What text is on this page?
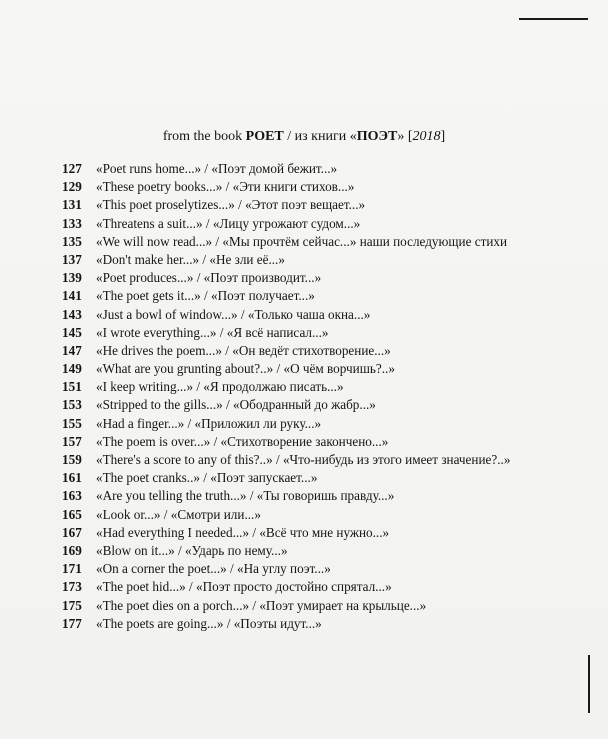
from the book POET / из книги «ПОЭТ» [2018]
127	«Poet runs home...» / «Поэт домой бежит...»
129	«These poetry books...» / «Эти книги стихов...»
131	«This poet proselytizes...» / «Этот поэт вещает...»
133	«Threatens a suit...» / «Лицу угрожают судом...»
135	«We will now read...» / «Мы прочтём сейчас...» наши последующие стихи
137	«Don't make her...» / «Не зли её...»
139	«Poet produces...» / «Поэт производит...»
141	«The poet gets it...» / «Поэт получает...»
143	«Just a bowl of window...» / «Только чаша окна...»
145	«I wrote everything...» / «Я всё написал...»
147	«He drives the poem...» / «Он ведёт стихотворение...»
149	«What are you grunting about?..» / «О чём ворчишь?..»
151	«I keep writing...» / «Я продолжаю писать...»
153	«Stripped to the gills...» / «Ободранный до жабр...»
155	«Had a finger...» / «Приложил ли руку...»
157	«The poem is over...» / «Стихотворение закончено...»
159	«There's a score to any of this?..» / «Что-нибудь из этого имеет значение?..»
161	«The poet cranks..» / «Поэт запускает...»
163	«Are you telling the truth...» / «Ты говоришь правду...»
165	«Look or...» / «Смотри или...»
167	«Had everything I needed...» / «Всё что мне нужно...»
169	«Blow on it...» / «Ударь по нему...»
171	«On a corner the poet...» / «На углу поэт...»
173	«The poet hid...» / «Поэт просто достойно спрятал...»
175	«The poet dies on a porch...» / «Поэт умирает на крыльце...»
177	«The poets are going...» / «Поэты идут...»
